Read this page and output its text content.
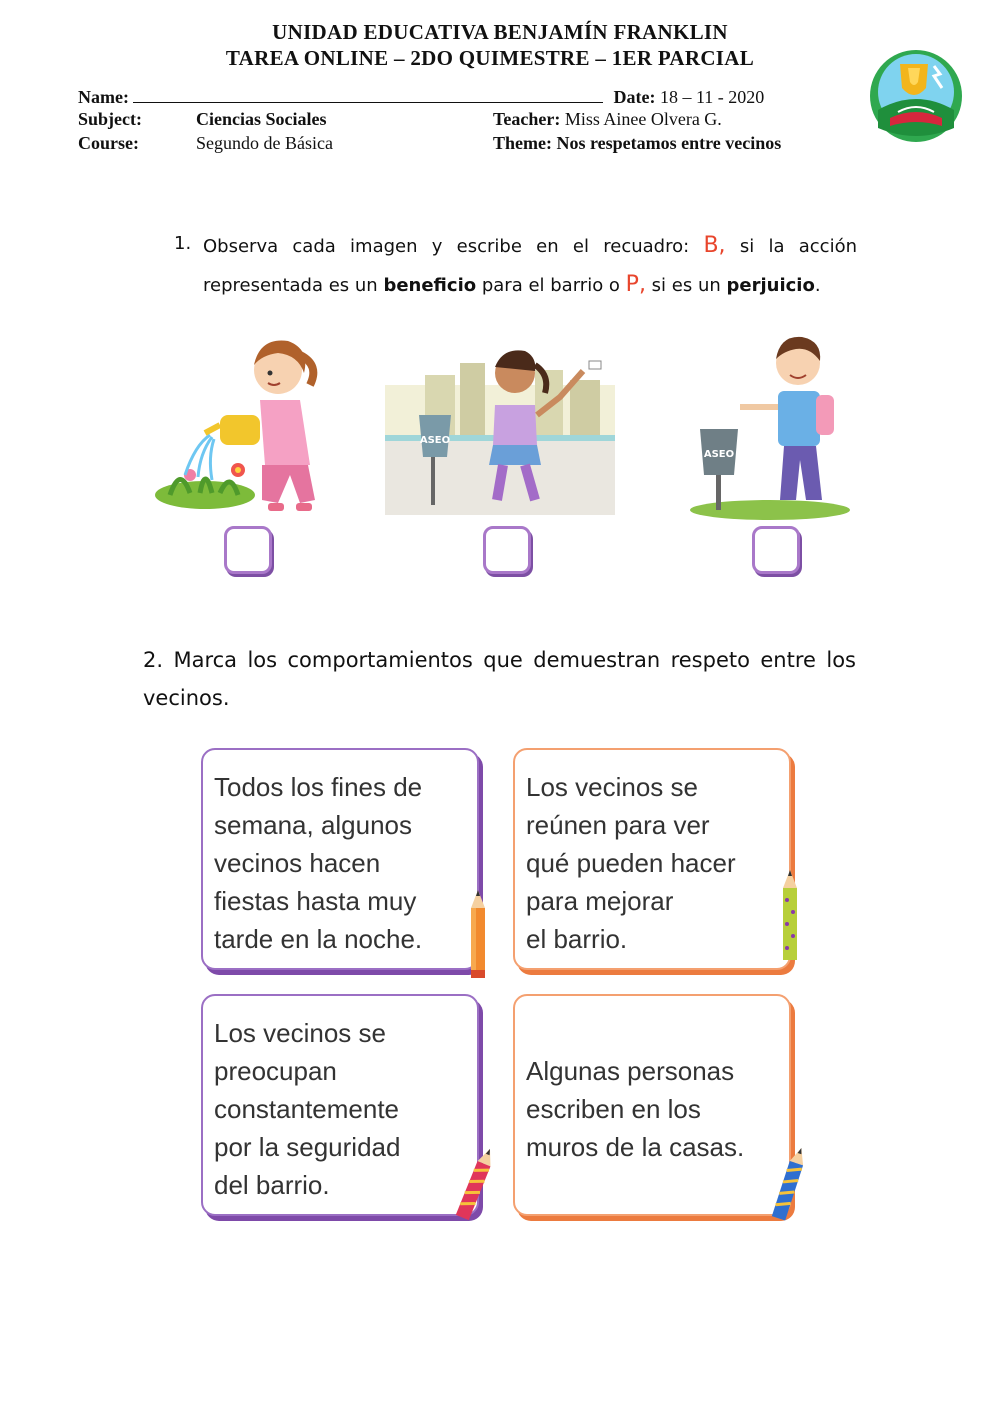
UNIDAD EDUCATIVA BENJAMÍN FRANKLIN
TAREA ONLINE – 2DO QUIMESTRE – 1ER PARCIAL
Name:	Date: 18 – 11 - 2020
Subject:	Ciencias Sociales	Teacher: Miss Ainee Olvera G.
Course:	Segundo de Básica	Theme: Nos respetamos entre vecinos
1. Observa cada imagen y escribe en el recuadro: B, si la acción
representada es un beneficio para el barrio o P, si es un perjuicio.
ASEO
ASEO
2. Marca los comportamientos que demuestran respeto entre los
vecinos.
Todos los fines de
semana, algunos
vecinos hacen
fiestas hasta muy
tarde en la noche.
Los vecinos se
reúnen para ver
qué pueden hacer
para mejorar
el barrio.
Los vecinos se
preocupan
constantemente
por la seguridad
del barrio.

Algunas personas
escriben en los
muros de la casas.
